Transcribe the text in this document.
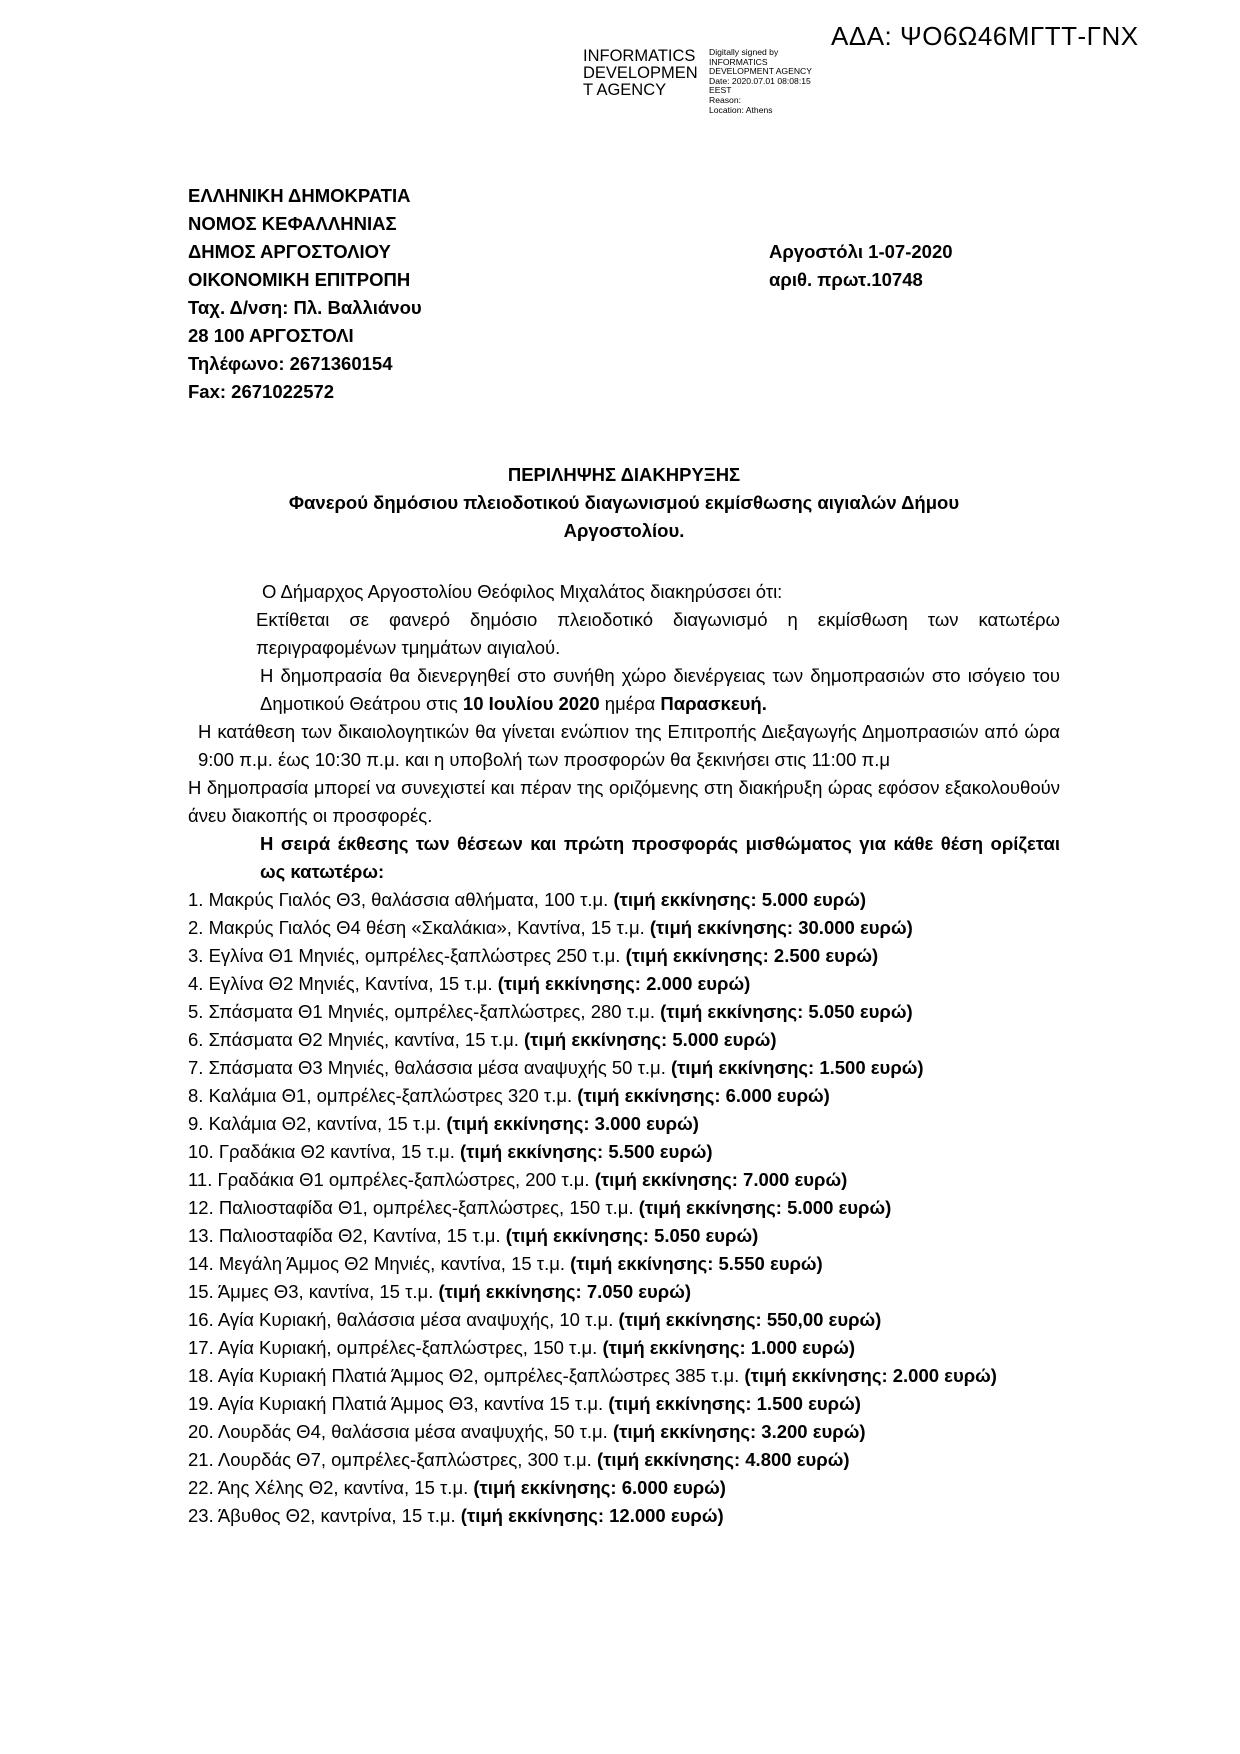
ΑΔΑ: ΨΟ6Ω46ΜΓΤΤ-ΓΝΧ
INFORMATICS
DEVELOPMEN
T AGENCY
Digitally signed by
INFORMATICS
DEVELOPMENT AGENCY
Date: 2020.07.01 08:08:15
EEST
Reason:
Location: Athens
ΕΛΛΗΝΙΚΗ ΔΗΜΟΚΡΑΤΙΑ
ΝΟΜΟΣ ΚΕΦΑΛΛΗΝΙΑΣ
ΔΗΜΟΣ ΑΡΓΟΣΤΟΛΙΟΥ
ΟΙΚΟΝΟΜΙΚΗ ΕΠΙΤΡΟΠΗ
Ταχ. Δ/νση: Πλ. Βαλλιάνου
28 100 ΑΡΓΟΣΤΟΛΙ
Τηλέφωνο: 2671360154
Fax: 2671022572
Αργοστόλι 1-07-2020
αριθ. πρωτ.10748
ΠΕΡΙΛΗΨΗΣ ΔΙΑΚΗΡΥΞΗΣ
Φανερού δημόσιου πλειοδοτικού διαγωνισμού εκμίσθωσης αιγιαλών Δήμου
Αργοστολίου.

Ο Δήμαρχος Αργοστολίου Θεόφιλος Μιχαλάτος διακηρύσσει ότι:

Εκτίθεται σε φανερό δημόσιο πλειοδοτικό διαγωνισμό η εκμίσθωση των κατωτέρω περιγραφομένων τμημάτων αιγιαλού.

Η δημοπρασία θα διενεργηθεί στο συνήθη χώρο διενέργειας των δημοπρασιών στο ισόγειο του Δημοτικού Θεάτρου στις 10 Ιουλίου 2020 ημέρα Παρασκευή.

Η κατάθεση των δικαιολογητικών θα γίνεται ενώπιον της Επιτροπής Διεξαγωγής Δημοπρασιών από ώρα 9:00 π.μ. έως 10:30 π.μ. και η υποβολή των προσφορών θα ξεκινήσει στις 11:00 π.μ

Η δημοπρασία μπορεί να συνεχιστεί και πέραν της οριζόμενης στη διακήρυξη ώρας εφόσον εξακολουθούν άνευ διακοπής οι προσφορές.

Η σειρά έκθεσης των θέσεων και πρώτη προσφοράς μισθώματος για κάθε θέση ορίζεται ως κατωτέρω:

1. Μακρύς Γιαλός Θ3, θαλάσσια αθλήματα, 100 τ.μ. (τιμή εκκίνησης: 5.000 ευρώ)
2. Μακρύς Γιαλός Θ4 θέση «Σκαλάκια», Καντίνα, 15 τ.μ. (τιμή εκκίνησης: 30.000 ευρώ)
3. Εγλίνα Θ1 Μηνιές, ομπρέλες-ξαπλώστρες 250 τ.μ. (τιμή εκκίνησης: 2.500 ευρώ)
4. Εγλίνα Θ2 Μηνιές, Καντίνα, 15 τ.μ. (τιμή εκκίνησης: 2.000 ευρώ)
5. Σπάσματα Θ1 Μηνιές, ομπρέλες-ξαπλώστρες, 280 τ.μ. (τιμή εκκίνησης: 5.050 ευρώ)
6. Σπάσματα Θ2 Μηνιές, καντίνα, 15 τ.μ. (τιμή εκκίνησης: 5.000 ευρώ)
7. Σπάσματα Θ3 Μηνιές, θαλάσσια μέσα αναψυχής 50 τ.μ. (τιμή εκκίνησης: 1.500 ευρώ)
8. Καλάμια Θ1, ομπρέλες-ξαπλώστρες 320 τ.μ. (τιμή εκκίνησης: 6.000 ευρώ)
9. Καλάμια Θ2, καντίνα, 15 τ.μ. (τιμή εκκίνησης: 3.000 ευρώ)
10. Γραδάκια Θ2 καντίνα, 15 τ.μ. (τιμή εκκίνησης: 5.500 ευρώ)
11. Γραδάκια Θ1 ομπρέλες-ξαπλώστρες, 200 τ.μ. (τιμή εκκίνησης: 7.000 ευρώ)
12. Παλιοσταφίδα Θ1, ομπρέλες-ξαπλώστρες, 150 τ.μ. (τιμή εκκίνησης: 5.000 ευρώ)
13. Παλιοσταφίδα Θ2, Καντίνα, 15 τ.μ. (τιμή εκκίνησης: 5.050 ευρώ)
14. Μεγάλη Άμμος Θ2 Μηνιές, καντίνα, 15 τ.μ. (τιμή εκκίνησης: 5.550 ευρώ)
15. Άμμες Θ3, καντίνα, 15 τ.μ. (τιμή εκκίνησης: 7.050 ευρώ)
16. Αγία Κυριακή, θαλάσσια μέσα αναψυχής, 10 τ.μ. (τιμή εκκίνησης: 550,00 ευρώ)
17. Αγία Κυριακή, ομπρέλες-ξαπλώστρες, 150 τ.μ. (τιμή εκκίνησης: 1.000 ευρώ)
18. Αγία Κυριακή Πλατιά Άμμος Θ2, ομπρέλες-ξαπλώστρες 385 τ.μ. (τιμή εκκίνησης: 2.000 ευρώ)
19. Αγία Κυριακή Πλατιά Άμμος Θ3, καντίνα 15 τ.μ. (τιμή εκκίνησης: 1.500 ευρώ)
20. Λουρδάς Θ4, θαλάσσια μέσα αναψυχής, 50 τ.μ. (τιμή εκκίνησης: 3.200 ευρώ)
21. Λουρδάς Θ7, ομπρέλες-ξαπλώστρες, 300 τ.μ. (τιμή εκκίνησης: 4.800 ευρώ)
22. Άης Χέλης Θ2, καντίνα, 15 τ.μ. (τιμή εκκίνησης: 6.000 ευρώ)
23. Άβυθος Θ2, καντρίνα, 15 τ.μ. (τιμή εκκίνησης: 12.000 ευρώ)
